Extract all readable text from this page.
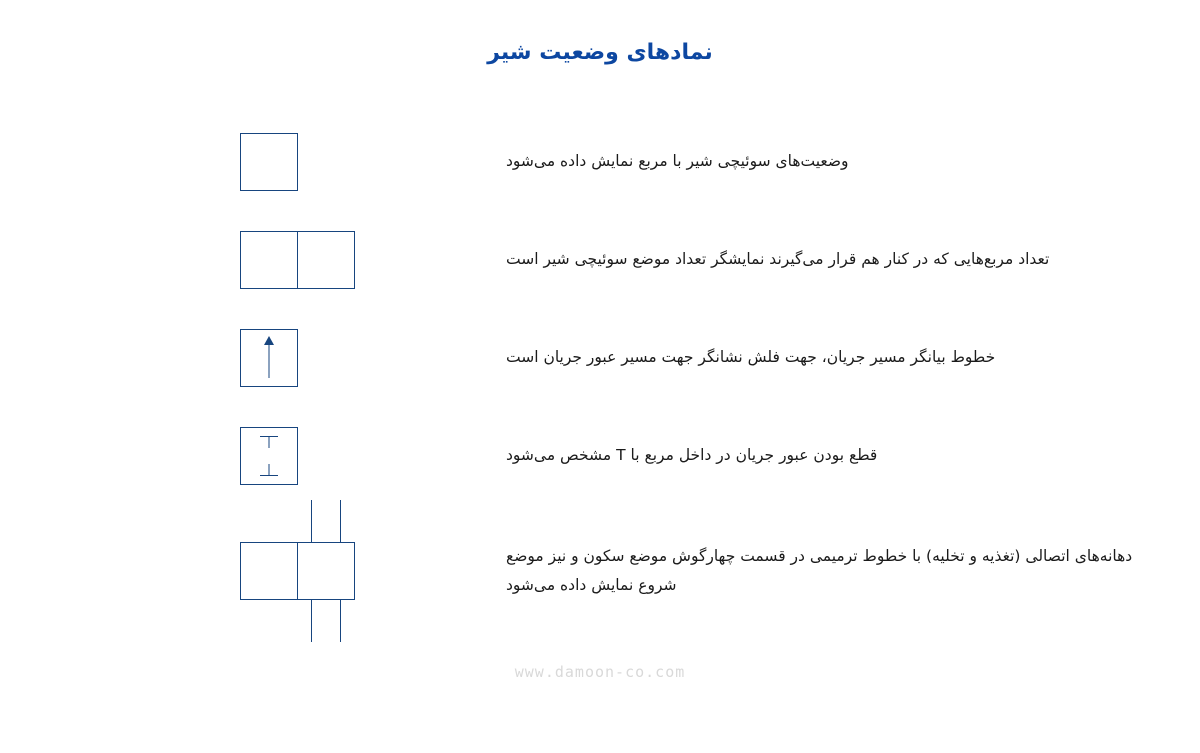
نمادهای وضعیت شیر
وضعیت‌های سوئیچی شیر با مربع نمایش داده می‌شود
تعداد مربع‌هایی که در کنار هم قرار می‌گیرند نمایشگر تعداد موضع سوئیچی شیر است
خطوط بیانگر مسیر جریان، جهت فلش نشانگر جهت مسیر عبور جریان است
قطع بودن عبور جریان در داخل مربع با T مشخص می‌شود
دهانه‌های اتصالی (تغذیه و تخلیه) با خطوط ترمیمی در قسمت چهارگوش موضع سکون و نیز موضع شروع نمایش داده می‌شود
www.damoon-co.com
